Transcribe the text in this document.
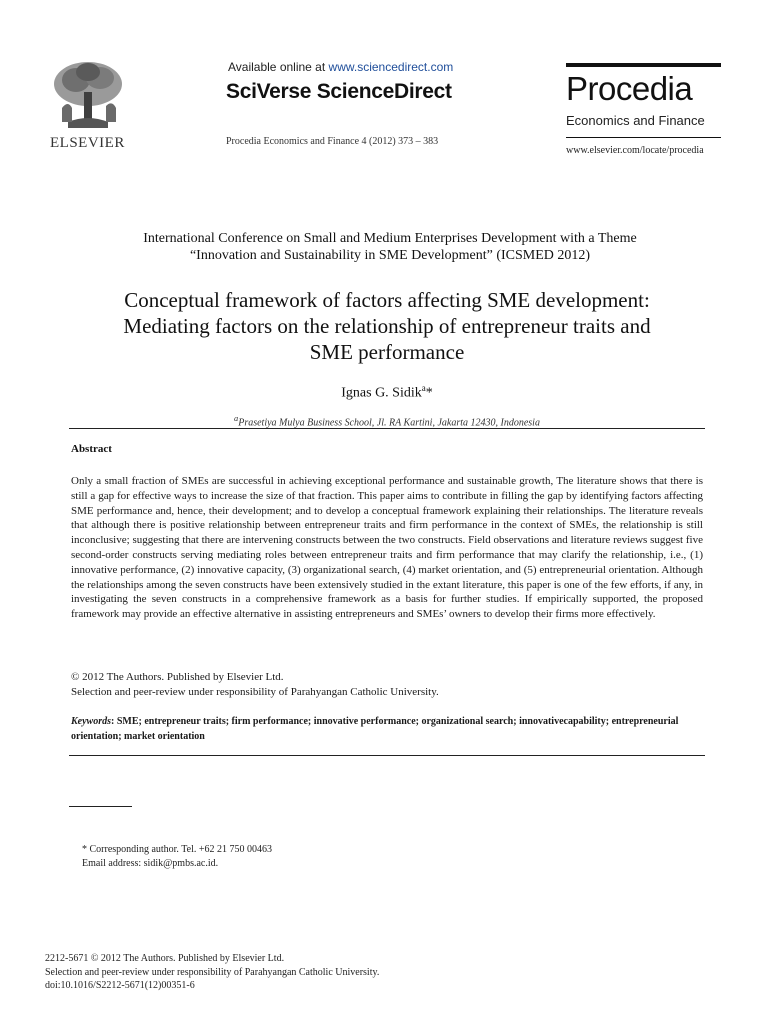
ELSEVIER
Available online at www.sciencedirect.com
SciVerse ScienceDirect
Procedia Economics and Finance 4 (2012) 373 – 383
Procedia
Economics and Finance
www.elsevier.com/locate/procedia
International Conference on Small and Medium Enterprises Development with a Theme
“Innovation and Sustainability in SME Development” (ICSMED 2012)
Conceptual framework of factors affecting SME development:
Mediating factors on the relationship of entrepreneur traits and
SME performance
Ignas G. Sidik$^a$*
$^a$Prasetiya Mulya Business School, Jl. RA Kartini, Jakarta 12430, Indonesia
Abstract
Only a small fraction of SMEs are successful in achieving exceptional performance and sustainable growth, The literature shows that there is still a gap for effective ways to increase the size of that fraction. This paper aims to contribute in filling the gap by identifying factors affecting SME performance and, hence, their development; and to develop a conceptual framework explaining their relationships. The literature reveals that although there is positive relationship between entrepreneur traits and firm performance in the context of SMEs, the relationship is still inconclusive; suggesting that there are intervening constructs between the two constructs. Field observations and literature reviews suggest five second-order constructs serving mediating roles between entrepreneur traits and firm performance that may clarify the relationship, i.e., (1) innovative performance, (2) innovative capacity, (3) organizational search, (4) market orientation, and (5) entrepreneurial orientation. Although the relationships among the seven constructs have been extensively studied in the extant literature, this paper is one of the few efforts, if any, in investigating the seven constructs in a comprehensive framework as a basis for further studies. If empirically supported, the proposed framework may provide an effective alternative in assisting entrepreneurs and SMEs’ owners to develop their firms more effectively.
© 2012 The Authors. Published by Elsevier Ltd.
Selection and peer-review under responsibility of Parahyangan Catholic University.
Keywords: SME; entrepreneur traits; firm performance; innovative performance; organizational search; innovativecapability; entrepreneurial orientation; market orientation
* Corresponding author. Tel. +62 21 750 00463
Email address: sidik@pmbs.ac.id.
2212-5671 © 2012 The Authors. Published by Elsevier Ltd.
Selection and peer-review under responsibility of Parahyangan Catholic University.
doi:10.1016/S2212-5671(12)00351-6
